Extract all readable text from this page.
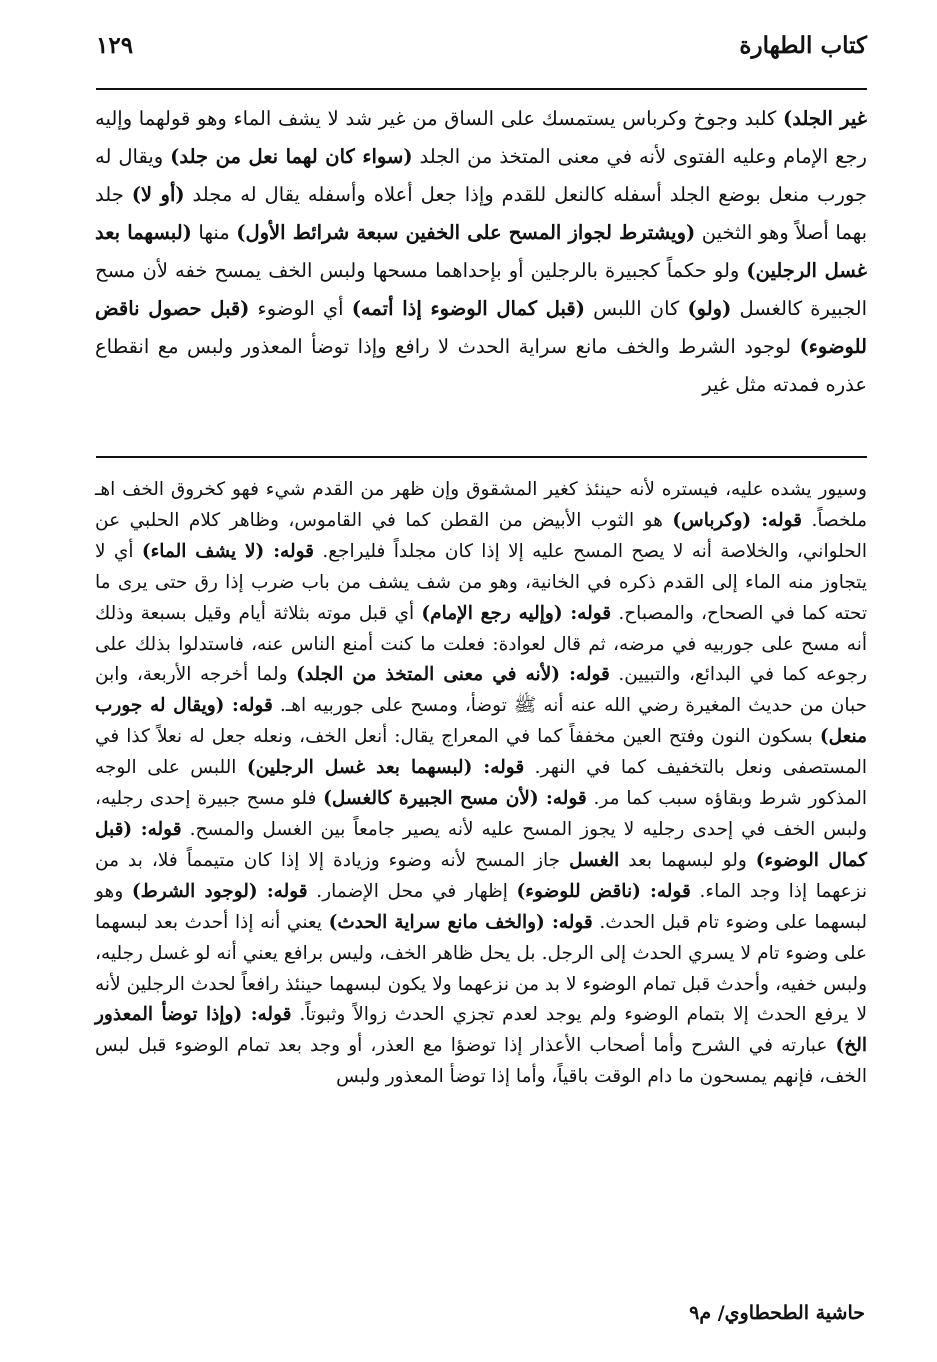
كتاب الطهارة
١٢٩

غير الجلد) كلبد وجوخ وكرباس يستمسك على الساق من غير شد لا يشف الماء وهو قولهما وإليه رجع الإمام وعليه الفتوى لأنه في معنى المتخذ من الجلد (سواء كان لهما نعل من جلد) ويقال له جورب منعل بوضع الجلد أسفله كالنعل للقدم وإذا جعل أعلاه وأسفله يقال له مجلد (أو لا) جلد بهما أصلاً وهو الثخين (ويشترط لجواز المسح على الخفين سبعة شرائط الأول) منها (لبسهما بعد غسل الرجلين) ولو حكماً كجبيرة بالرجلين أو بإحداهما مسحها ولبس الخف يمسح خفه لأن مسح الجبيرة كالغسل (ولو) كان اللبس (قبل كمال الوضوء إذا أتمه) أي الوضوء (قبل حصول ناقض للوضوء) لوجود الشرط والخف مانع سراية الحدث لا رافع وإذا توضأ المعذور ولبس مع انقطاع عذره فمدته مثل غير

وسيور يشده عليه، فيستره لأنه حينئذ كغير المشقوق وإن ظهر من القدم شيء فهو كخروق الخف اهـ ملخصاً. قوله: (وكرباس) هو الثوب الأبيض من القطن كما في القاموس، وظاهر كلام الحلبي عن الحلواني، والخلاصة أنه لا يصح المسح عليه إلا إذا كان مجلداً فليراجع. قوله: (لا يشف الماء) أي لا يتجاوز منه الماء إلى القدم ذكره في الخانية، وهو من شف يشف من باب ضرب إذا رق حتى يرى ما تحته كما في الصحاح، والمصباح. قوله: (وإليه رجع الإمام) أي قبل موته بثلاثة أيام وقيل بسبعة وذلك أنه مسح على جوربيه في مرضه، ثم قال لعوادة: فعلت ما كنت أمنع الناس عنه، فاستدلوا بذلك على رجوعه كما في البدائع، والتبيين. قوله: (لأنه في معنى المتخذ من الجلد) ولما أخرجه الأربعة، وابن حبان من حديث المغيرة رضي الله عنه أنه ﷺ توضأ، ومسح على جوربيه اهـ. قوله: (ويقال له جورب منعل) بسكون النون وفتح العين مخففاً كما في المعراج يقال: أنعل الخف، ونعله جعل له نعلاً كذا في المستصفى ونعل بالتخفيف كما في النهر. قوله: (لبسهما بعد غسل الرجلين) اللبس على الوجه المذكور شرط وبقاؤه سبب كما مر. قوله: (لأن مسح الجبيرة كالغسل) فلو مسح جبيرة إحدى رجليه، ولبس الخف في إحدى رجليه لا يجوز المسح عليه لأنه يصير جامعاً بين الغسل والمسح. قوله: (قبل كمال الوضوء) ولو لبسهما بعد الغسل جاز المسح لأنه وضوء وزيادة إلا إذا كان متيمماً فلا، بد من نزعهما إذا وجد الماء. قوله: (ناقض للوضوء) إظهار في محل الإضمار. قوله: (لوجود الشرط) وهو لبسهما على وضوء تام قبل الحدث. قوله: (والخف مانع سراية الحدث) يعني أنه إذا أحدث بعد لبسهما على وضوء تام لا يسري الحدث إلى الرجل. بل يحل ظاهر الخف، وليس برافع يعني أنه لو غسل رجليه، ولبس خفيه، وأحدث قبل تمام الوضوء لا بد من نزعهما ولا يكون لبسهما حينئذ رافعاً لحدث الرجلين لأنه لا يرفع الحدث إلا بتمام الوضوء ولم يوجد لعدم تجزي الحدث زوالاً وثبوتاً. قوله: (وإذا توضأ المعذور الخ) عبارته في الشرح وأما أصحاب الأعذار إذا توضؤا مع العذر، أو وجد بعد تمام الوضوء قبل لبس الخف، فإنهم يمسحون ما دام الوقت باقياً، وأما إذا توضأ المعذور ولبس

حاشية الطحطاوي/ م٩
